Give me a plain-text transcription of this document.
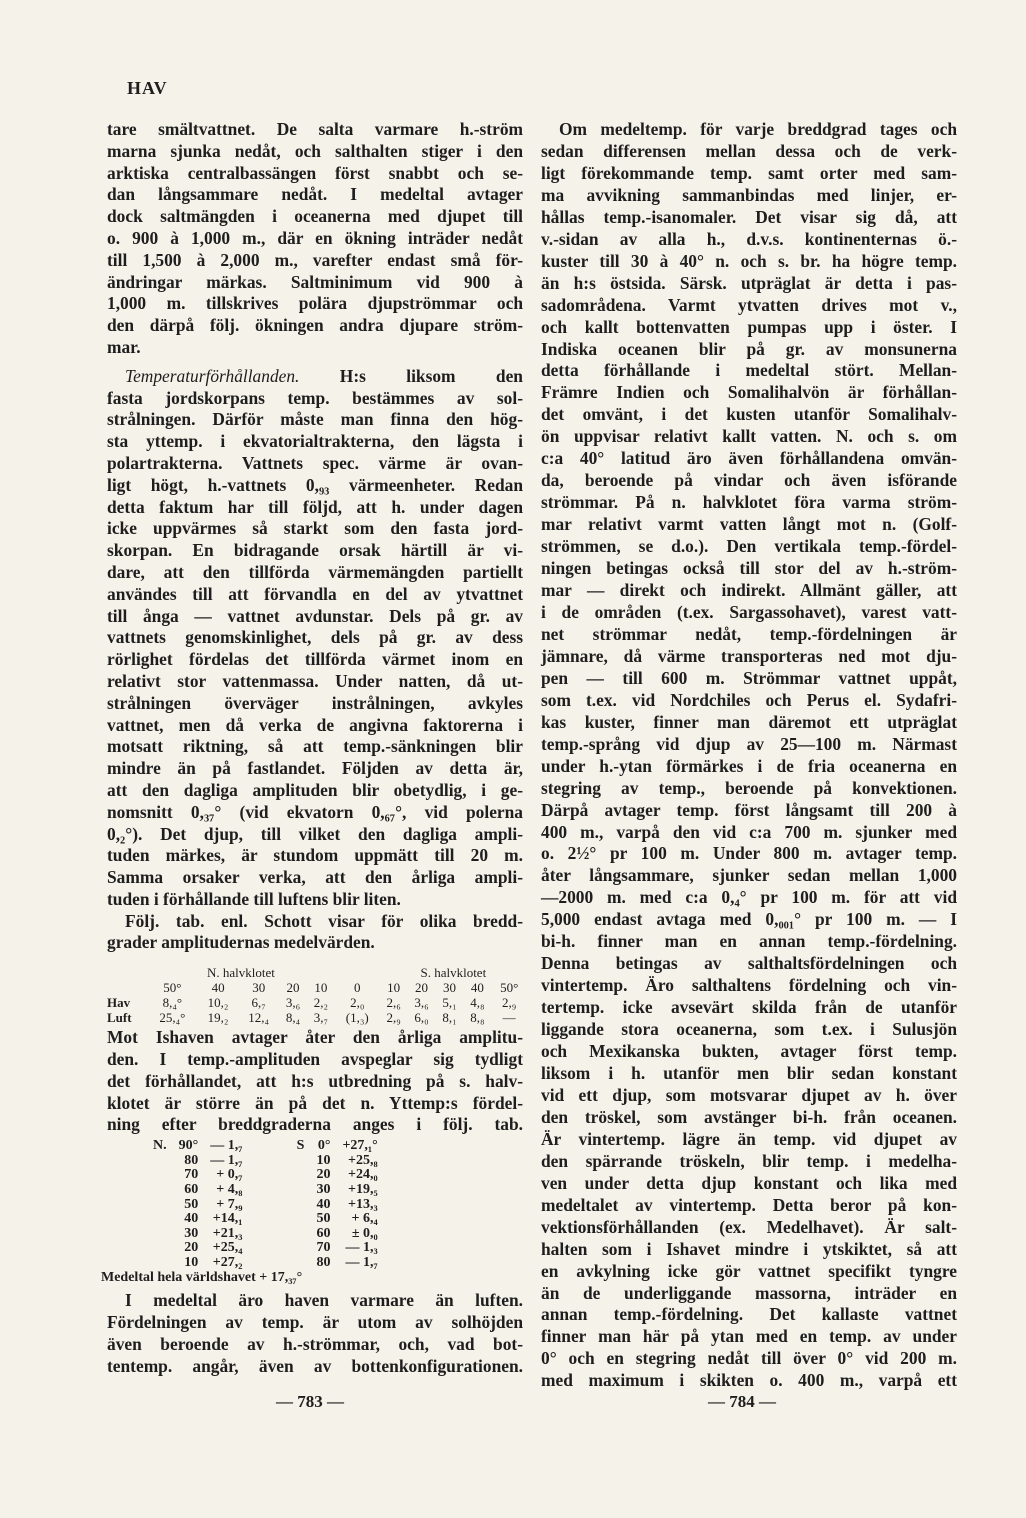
HAV
tare smältvattnet. De salta varmare h.-ström
marna sjunka nedåt, och salthalten stiger i den
arktiska centralbassängen först snabbt och se-
dan långsammare nedåt. I medeltal avtager
dock saltmängden i oceanerna med djupet till
o. 900 à 1,000 m., där en ökning inträder nedåt
till 1,500 à 2,000 m., varefter endast små för-
ändringar märkas. Saltminimum vid 900 à
1,000 m. tillskrives polära djupströmmar och
den därpå följ. ökningen andra djupare ström-
mar.
Temperaturförhållanden. H:s liksom den
fasta jordskorpans temp. bestämmes av sol-
strålningen. Därför måste man finna den hög-
sta yttemp. i ekvatorialtrakterna, den lägsta i
polartrakterna. Vattnets spec. värme är ovan-
ligt högt, h.-vattnets 0,₉₃ värmeenheter. Redan
detta faktum har till följd, att h. under dagen
icke uppvärmes så starkt som den fasta jord-
skorpan. En bidragande orsak härtill är vi-
dare, att den tillförda värmemängden partiellt
användes till att förvandla en del av ytvattnet
till ånga — vattnet avdunstar. Dels på gr. av
vattnets genomskinlighet, dels på gr. av dess
rörlighet fördelas det tillförda värmet inom en
relativt stor vattenmassa. Under natten, då ut-
strålningen överväger instrålningen, avkyles
vattnet, men då verka de angivna faktorerna i
motsatt riktning, så att temp.-sänkningen blir
mindre än på fastlandet. Följden av detta är,
att den dagliga amplituden blir obetydlig, i ge-
nomsnitt 0,₃₇° (vid ekvatorn 0,₆₇°, vid polerna
0,₂°). Det djup, till vilket den dagliga ampli-
tuden märkes, är stundom uppmätt till 20 m.
Samma orsaker verka, att den årliga ampli-
tuden i förhållande till luftens blir liten.
Följ. tab. enl. Schott visar för olika bredd-
grader amplitudernas medelvärden.
	N. halvklotet						S. halvklotet				
	50°	40	30	20	10	0	10	20	30	40	50°
Hav	8,₄°	10,₂	6,₇	3,₆	2,₂	2,₀	2,₆	3,₆	5,₁	4,₈	2,₉
Luft	25,₄°	19,₂	12,₄	8,₄	3,₇	(1,₃)	2,₉	6,₀	8,₁	8,₈	—
Mot Ishaven avtager åter den årliga amplitu-
den. I temp.-amplituden avspeglar sig tydligt
det förhållandet, att h:s utbredning på s. halv-
klotet är större än på det n. Yttemp:s fördel-
ning efter breddgraderna anges i följ. tab.
N.	90°	— 1,₇	S	0°	+27,₁°
	80	— 1,₇		10	+25,₈
	70	+ 0,₇		20	+24,₀
	60	+ 4,₈		30	+19,₅
	50	+ 7,₉		40	+13,₃
	40	+14,₁		50	+ 6,₄
	30	+21,₃		60	± 0,₀
	20	+25,₄		70	— 1,₃
	10	+27,₂		80	— 1,₇
Medeltal hela världshavet + 17,₃₇°
I medeltal äro haven varmare än luften.
Fördelningen av temp. är utom av solhöjden
även beroende av h.-strömmar, och, vad bot-
tentemp. angår, även av bottenkonfigurationen.
Om medeltemp. för varje breddgrad tages och
sedan differensen mellan dessa och de verk-
ligt förekommande temp. samt orter med sam-
ma avvikning sammanbindas med linjer, er-
hållas temp.-isanomaler. Det visar sig då, att
v.-sidan av alla h., d.v.s. kontinenternas ö.-
kuster till 30 à 40° n. och s. br. ha högre temp.
än h:s östsida. Särsk. utpräglat är detta i pas-
sadområdena. Varmt ytvatten drives mot v.,
och kallt bottenvatten pumpas upp i öster. I
Indiska oceanen blir på gr. av monsunerna
detta förhållande i medeltal stört. Mellan-
Främre Indien och Somalihalvön är förhållan-
det omvänt, i det kusten utanför Somalihalv-
ön uppvisar relativt kallt vatten. N. och s. om
c:a 40° latitud äro även förhållandena omvän-
da, beroende på vindar och även isförande
strömmar. På n. halvklotet föra varma ström-
mar relativt varmt vatten långt mot n. (Golf-
strömmen, se d.o.). Den vertikala temp.-fördel-
ningen betingas också till stor del av h.-ström-
mar — direkt och indirekt. Allmänt gäller, att
i de områden (t.ex. Sargassohavet), varest vatt-
net strömmar nedåt, temp.-fördelningen är
jämnare, då värme transporteras ned mot dju-
pen — till 600 m. Strömmar vattnet uppåt,
som t.ex. vid Nordchiles och Perus el. Sydafri-
kas kuster, finner man däremot ett utpräglat
temp.-språng vid djup av 25—100 m. Närmast
under h.-ytan förmärkes i de fria oceanerna en
stegring av temp., beroende på konvektionen.
Därpå avtager temp. först långsamt till 200 à
400 m., varpå den vid c:a 700 m. sjunker med
o. 2½° pr 100 m. Under 800 m. avtager temp.
åter långsammare, sjunker sedan mellan 1,000
—2000 m. med c:a 0,₄° pr 100 m. för att vid
5,000 endast avtaga med 0,₀₀₁° pr 100 m. — I
bi-h. finner man en annan temp.-fördelning.
Denna betingas av salthaltsfördelningen och
vintertemp. Äro salthaltens fördelning och vin-
tertemp. icke avsevärt skilda från de utanför
liggande stora oceanerna, som t.ex. i Sulusjön
och Mexikanska bukten, avtager först temp.
liksom i h. utanför men blir sedan konstant
vid ett djup, som motsvarar djupet av h. över
den tröskel, som avstänger bi-h. från oceanen.
Är vintertemp. lägre än temp. vid djupet av
den spärrande tröskeln, blir temp. i medelha-
ven under detta djup konstant och lika med
medeltalet av vintertemp. Detta beror på kon-
vektionsförhållanden (ex. Medelhavet). Är salt-
halten som i Ishavet mindre i ytskiktet, så att
en avkylning icke gör vattnet specifikt tyngre
än de underliggande massorna, inträder en
annan temp.-fördelning. Det kallaste vattnet
finner man här på ytan med en temp. av under
0° och en stegring nedåt till över 0° vid 200 m.
med maximum i skikten o. 400 m., varpå ett
— 783 —	— 784 —
